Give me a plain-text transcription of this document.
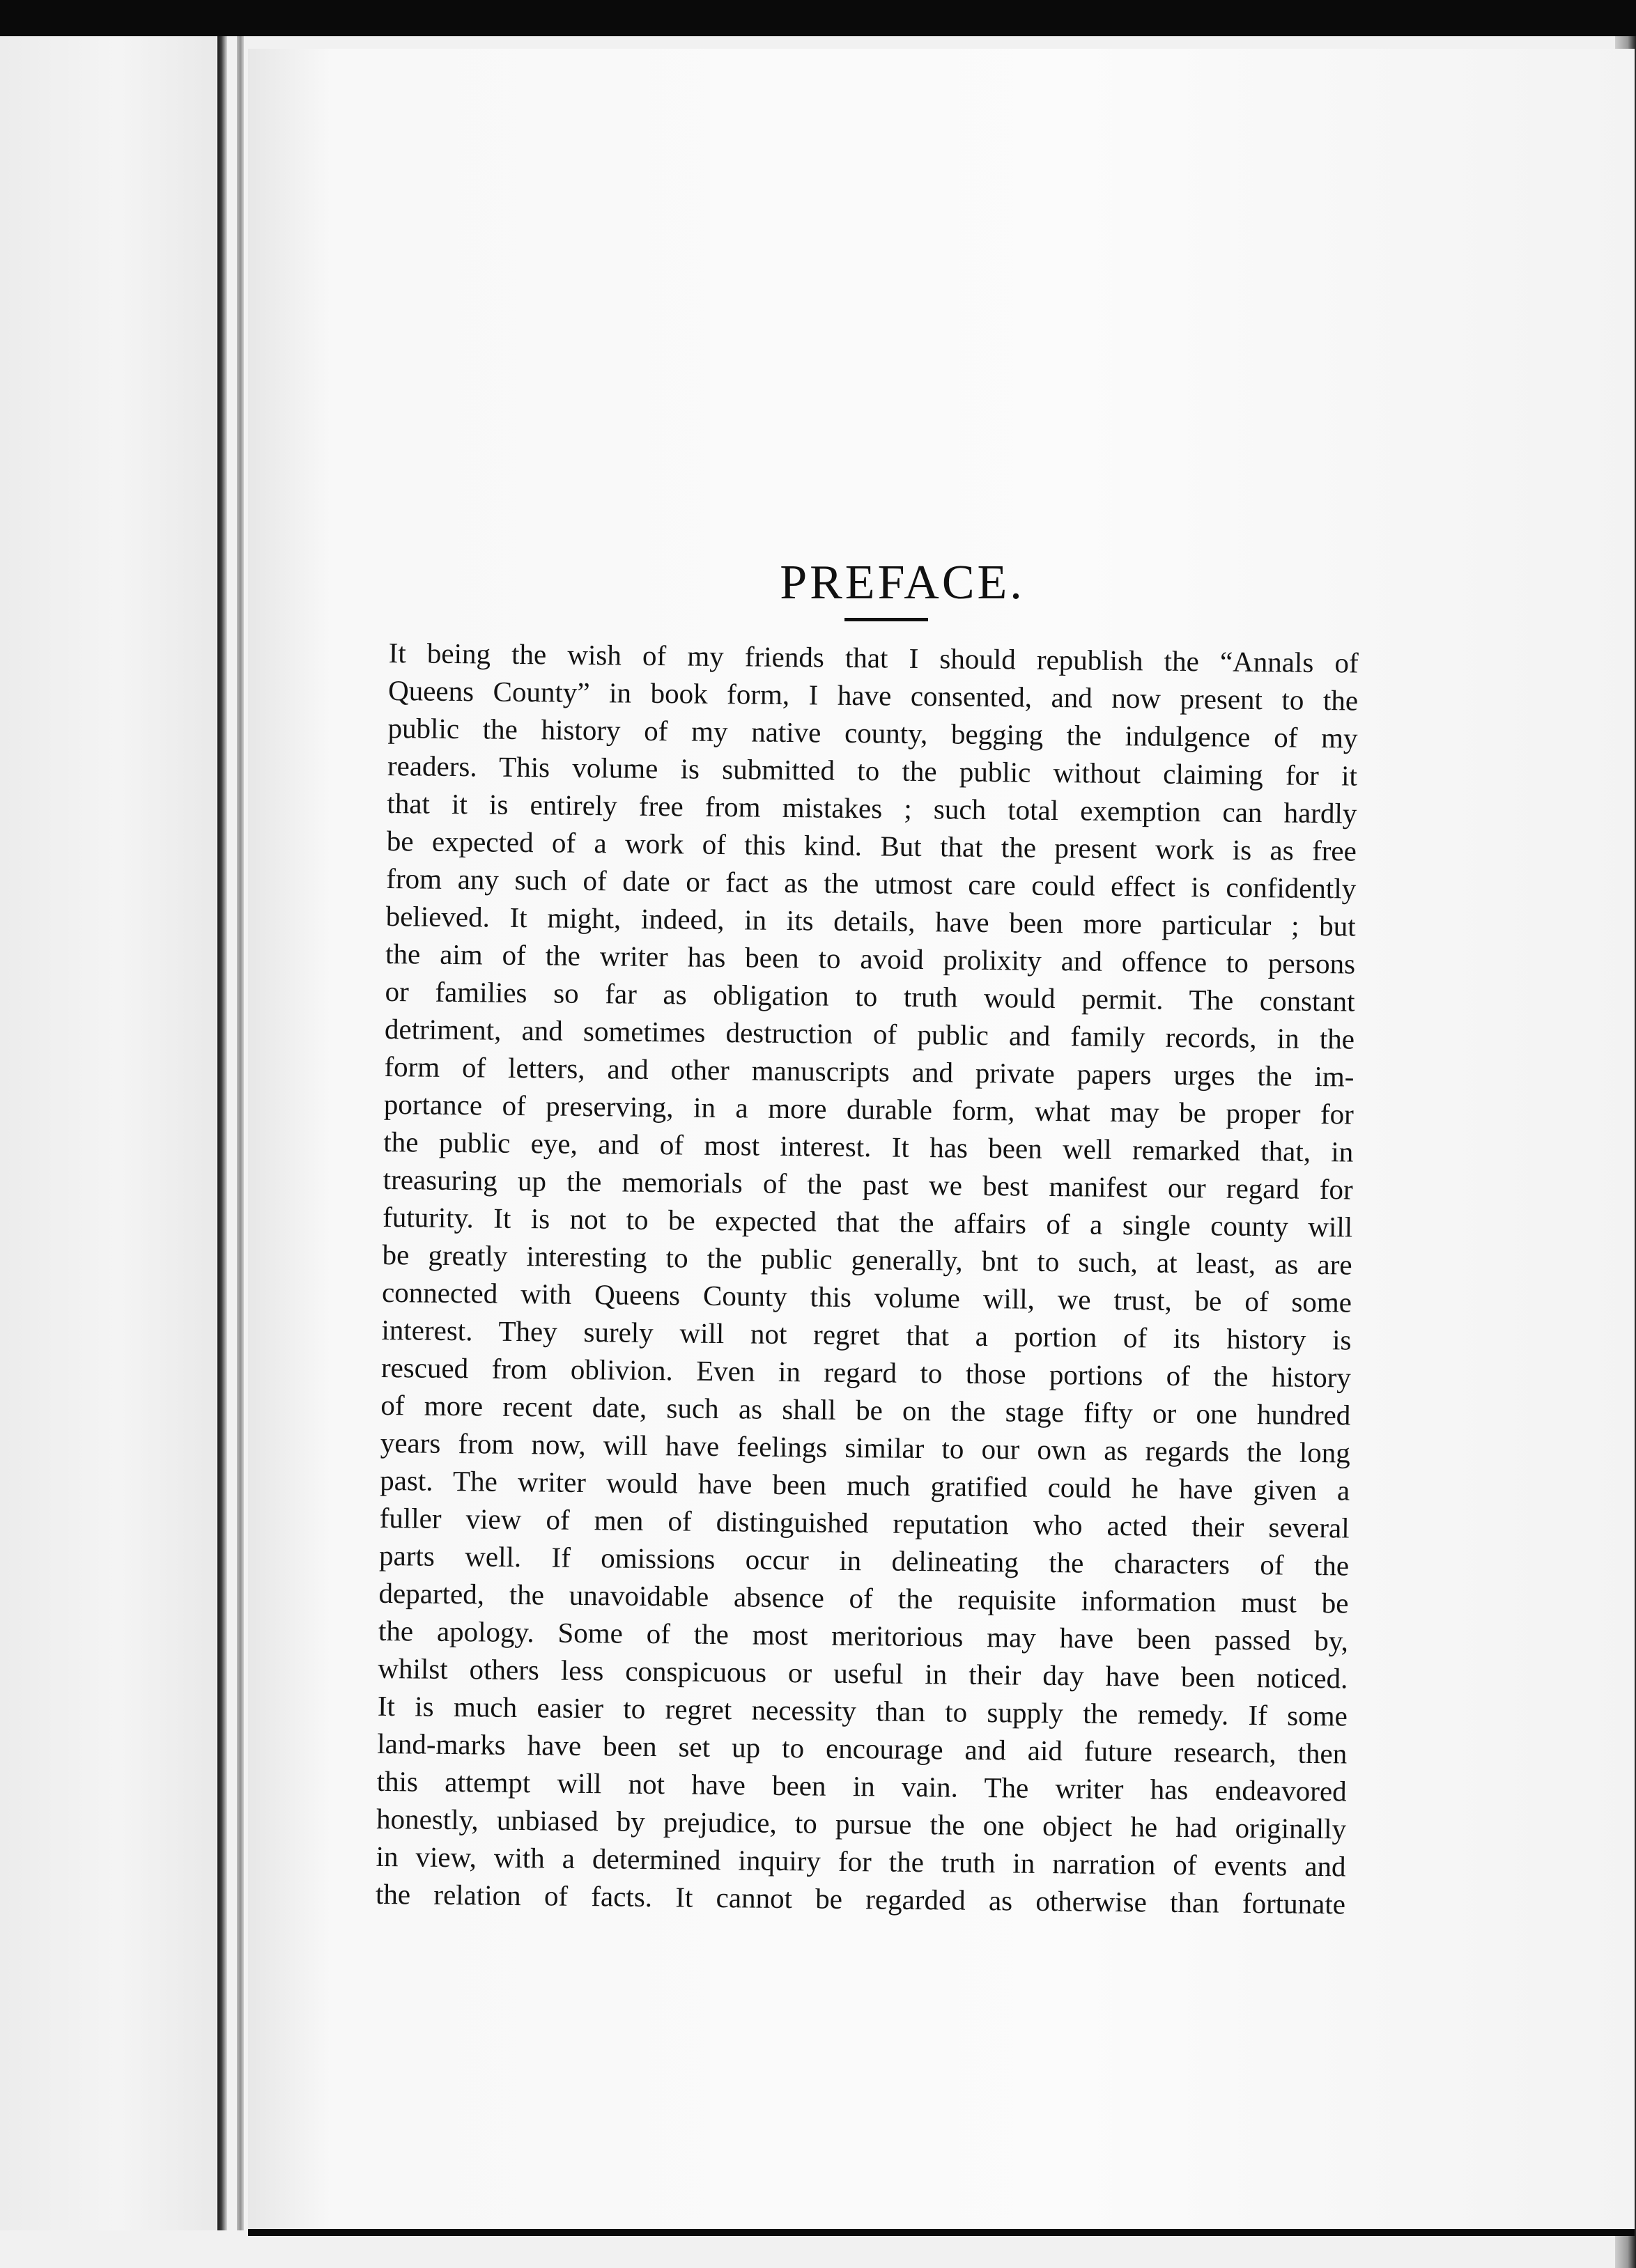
PREFACE.
It being the wish of my friends that I should republish the “Annals of
Queens County” in book form, I have consented, and now present to the
public the history of my native county, begging the indulgence of my
readers. This volume is submitted to the public without claiming for it
that it is entirely free from mistakes ; such total exemption can hardly
be expected of a work of this kind. But that the present work is as free
from any such of date or fact as the utmost care could effect is confidently
believed. It might, indeed, in its details, have been more particular ; but
the aim of the writer has been to avoid prolixity and offence to persons
or families so far as obligation to truth would permit. The constant
detriment, and sometimes destruction of public and family records, in the
form of letters, and other manuscripts and private papers urges the im-
portance of preserving, in a more durable form, what may be proper for
the public eye, and of most interest. It has been well remarked that, in
treasuring up the memorials of the past we best manifest our regard for
futurity. It is not to be expected that the affairs of a single county will
be greatly interesting to the public generally, bnt to such, at least, as are
connected with Queens County this volume will, we trust, be of some
interest. They surely will not regret that a portion of its history is
rescued from oblivion. Even in regard to those portions of the history
of more recent date, such as shall be on the stage fifty or one hundred
years from now, will have feelings similar to our own as regards the long
past. The writer would have been much gratified could he have given a
fuller view of men of distinguished reputation who acted their several
parts well. If omissions occur in delineating the characters of the
departed, the unavoidable absence of the requisite information must be
the apology. Some of the most meritorious may have been passed by,
whilst others less conspicuous or useful in their day have been noticed.
It is much easier to regret necessity than to supply the remedy. If some
land-marks have been set up to encourage and aid future research, then
this attempt will not have been in vain. The writer has endeavored
honestly, unbiased by prejudice, to pursue the one object he had originally
in view, with a determined inquiry for the truth in narration of events and
the relation of facts. It cannot be regarded as otherwise than fortunate
